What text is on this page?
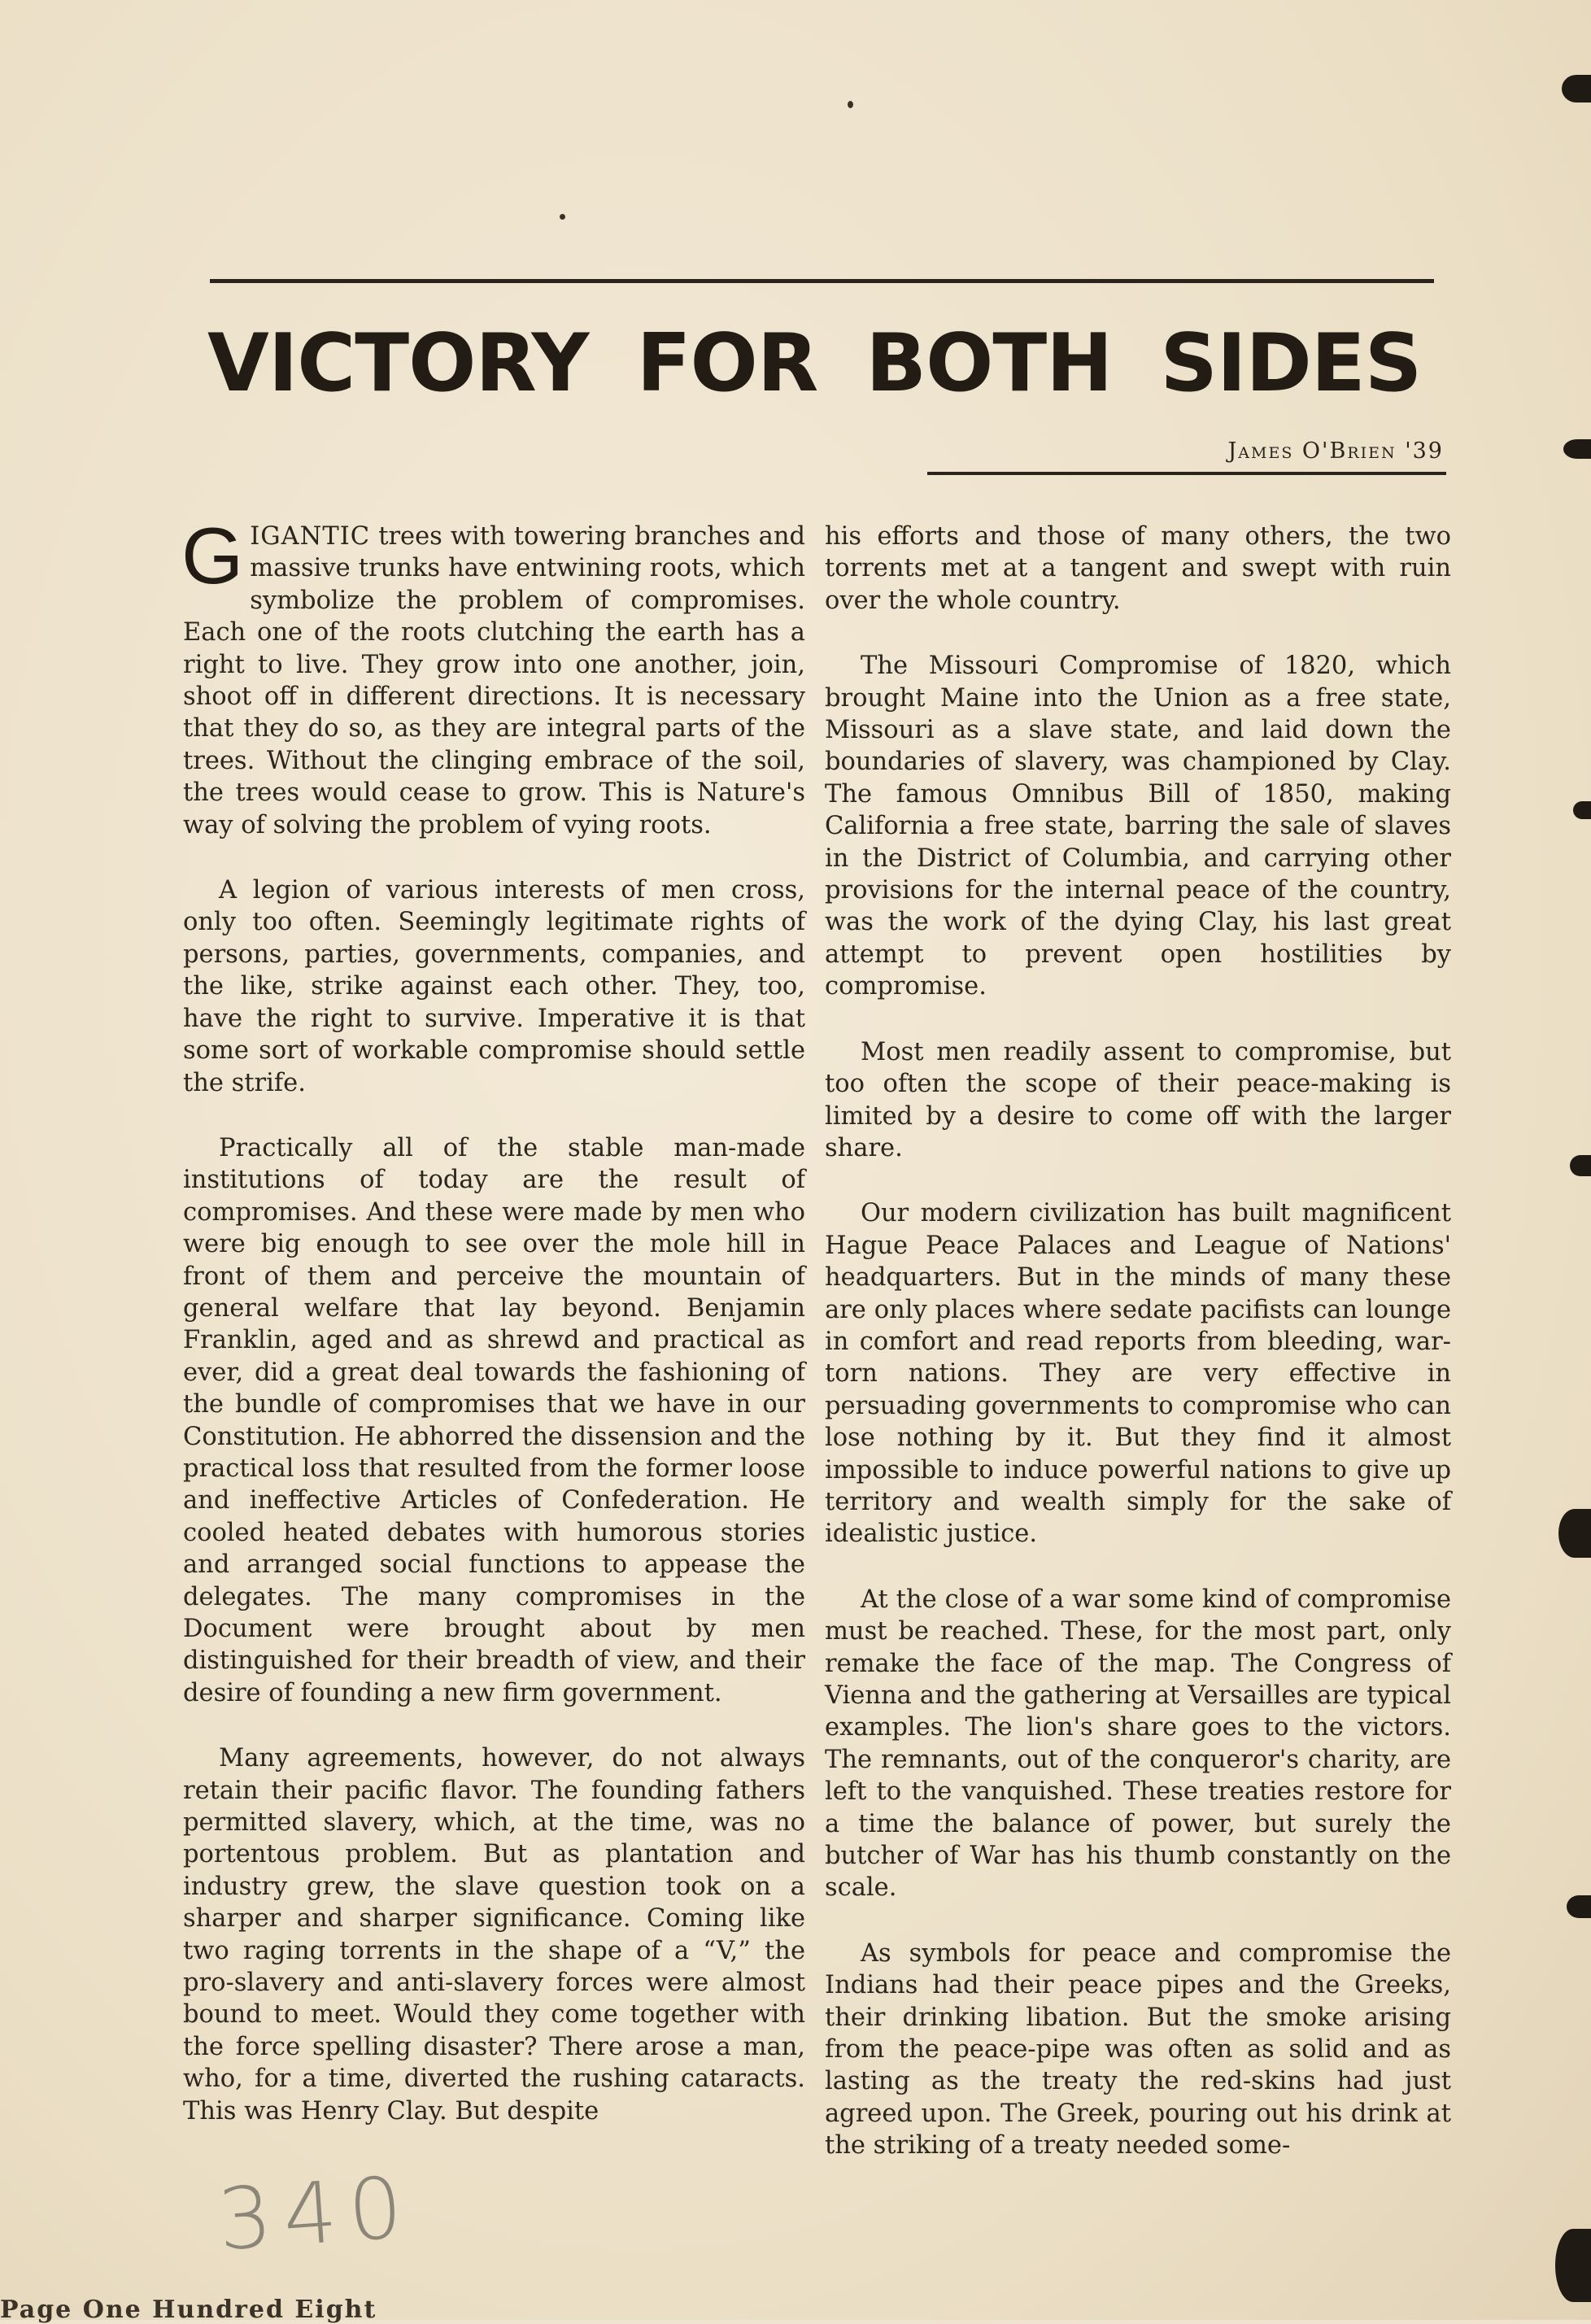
VICTORY FOR BOTH SIDES
James O'Brien '39

GIGANTIC trees with towering branches and massive trunks have entwining roots, which symbolize the problem of compromises. Each one of the roots clutching the earth has a right to live. They grow into one another, join, shoot off in different directions. It is necessary that they do so, as they are integral parts of the trees. Without the clinging embrace of the soil, the trees would cease to grow. This is Nature's way of solving the problem of vying roots.

A legion of various interests of men cross, only too often. Seemingly legitimate rights of persons, parties, governments, companies, and the like, strike against each other. They, too, have the right to survive. Imperative it is that some sort of workable compromise should settle the strife.

Practically all of the stable man-made institutions of today are the result of compromises. And these were made by men who were big enough to see over the mole hill in front of them and perceive the mountain of general welfare that lay beyond. Benjamin Franklin, aged and as shrewd and practical as ever, did a great deal towards the fashioning of the bundle of compromises that we have in our Constitution. He abhorred the dissension and the practical loss that resulted from the former loose and ineffective Articles of Confederation. He cooled heated debates with humorous stories and arranged social functions to appease the delegates. The many compromises in the Document were brought about by men distinguished for their breadth of view, and their desire of founding a new firm government.

Many agreements, however, do not always retain their pacific flavor. The founding fathers permitted slavery, which, at the time, was no portentous problem. But as plantation and industry grew, the slave question took on a sharper and sharper significance. Coming like two raging torrents in the shape of a “V,” the pro-slavery and anti-slavery forces were almost bound to meet. Would they come together with the force spelling disaster? There arose a man, who, for a time, diverted the rushing cataracts. This was Henry Clay. But despite

his efforts and those of many others, the two torrents met at a tangent and swept with ruin over the whole country.

The Missouri Compromise of 1820, which brought Maine into the Union as a free state, Missouri as a slave state, and laid down the boundaries of slavery, was championed by Clay. The famous Omnibus Bill of 1850, making California a free state, barring the sale of slaves in the District of Columbia, and carrying other provisions for the internal peace of the country, was the work of the dying Clay, his last great attempt to prevent open hostilities by compromise.

Most men readily assent to compromise, but too often the scope of their peace-making is limited by a desire to come off with the larger share.

Our modern civilization has built magnificent Hague Peace Palaces and League of Nations' headquarters. But in the minds of many these are only places where sedate pacifists can lounge in comfort and read reports from bleeding, war-torn nations. They are very effective in persuading governments to compromise who can lose nothing by it. But they find it almost impossible to induce powerful nations to give up territory and wealth simply for the sake of idealistic justice.

At the close of a war some kind of compromise must be reached. These, for the most part, only remake the face of the map. The Congress of Vienna and the gathering at Versailles are typical examples. The lion's share goes to the victors. The remnants, out of the conqueror's charity, are left to the vanquished. These treaties restore for a time the balance of power, but surely the butcher of War has his thumb constantly on the scale.

As symbols for peace and compromise the Indians had their peace pipes and the Greeks, their drinking libation. But the smoke arising from the peace-pipe was often as solid and as lasting as the treaty the red-skins had just agreed upon. The Greek, pouring out his drink at the striking of a treaty needed some-

340
Page One Hundred Eight
